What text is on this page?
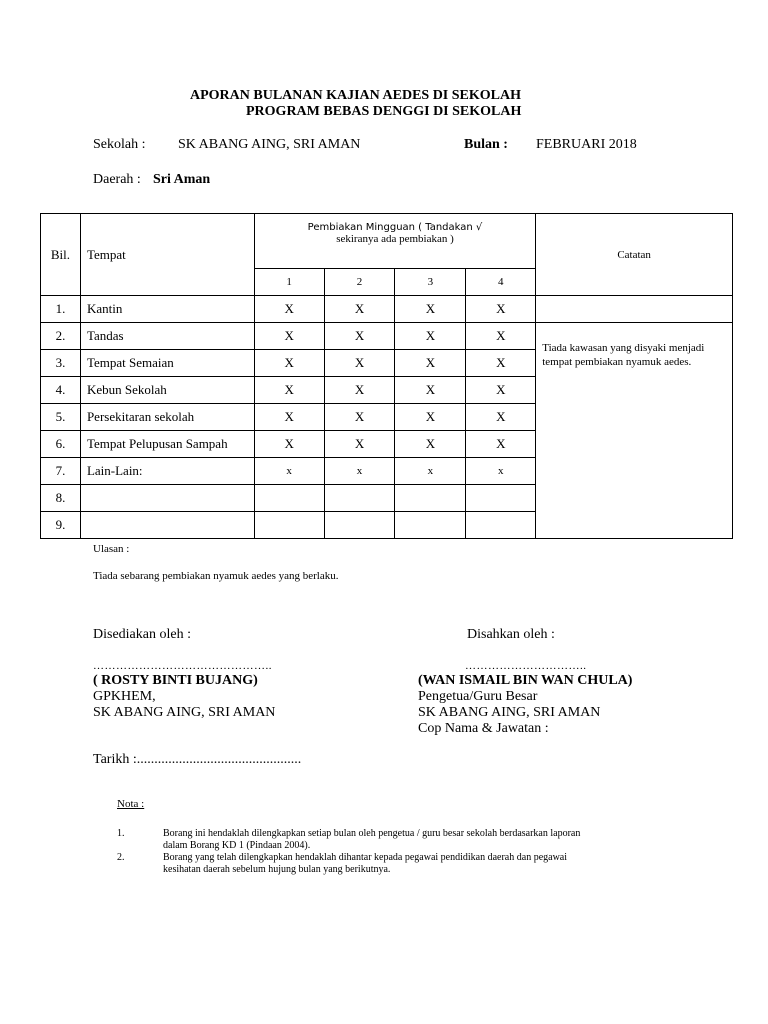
APORAN BULANAN KAJIAN AEDES DI SEKOLAH
PROGRAM BEBAS DENGGI DI SEKOLAH
Sekolah : SK ABANG AING, SRI AMAN	Bulan : FEBRUARI 2018
Daerah : Sri Aman
Bil.	Tempat	Pembiakan Mingguan ( Tandakan √
sekiranya ada pembiakan )				Catatan
		1	2	3	4	
1.	Kantin	X	X	X	X	
2.	Tandas	X	X	X	X	Tiada kawasan yang disyaki menjadi tempat pembiakan nyamuk aedes.
3.	Tempat Semaian	X	X	X	X	
4.	Kebun Sekolah	X	X	X	X	
5.	Persekitaran sekolah	X	X	X	X	
6.	Tempat Pelupusan Sampah	X	X	X	X	
7.	Lain-Lain:	x	x	x	x	
8.						
9.						
Ulasan :
Tiada sebarang pembiakan nyamuk aedes yang berlaku.
Disediakan oleh :
………………………………………..
( ROSTY BINTI BUJANG)
GPKHEM,
SK ABANG AING, SRI AMAN
Disahkan oleh :
…………………………..
(WAN ISMAIL BIN WAN CHULA)
Pengetua/Guru Besar
SK ABANG AING, SRI AMAN
Cop Nama & Jawatan :
Tarikh :...............................................
Nota :
1.	Borang ini hendaklah dilengkapkan setiap bulan oleh pengetua / guru besar sekolah berdasarkan laporan
dalam Borang KD 1 (Pindaan 2004).
2.	Borang yang telah dilengkapkan hendaklah dihantar kepada pegawai pendidikan daerah dan pegawai
kesihatan daerah sebelum hujung bulan yang berikutnya.
